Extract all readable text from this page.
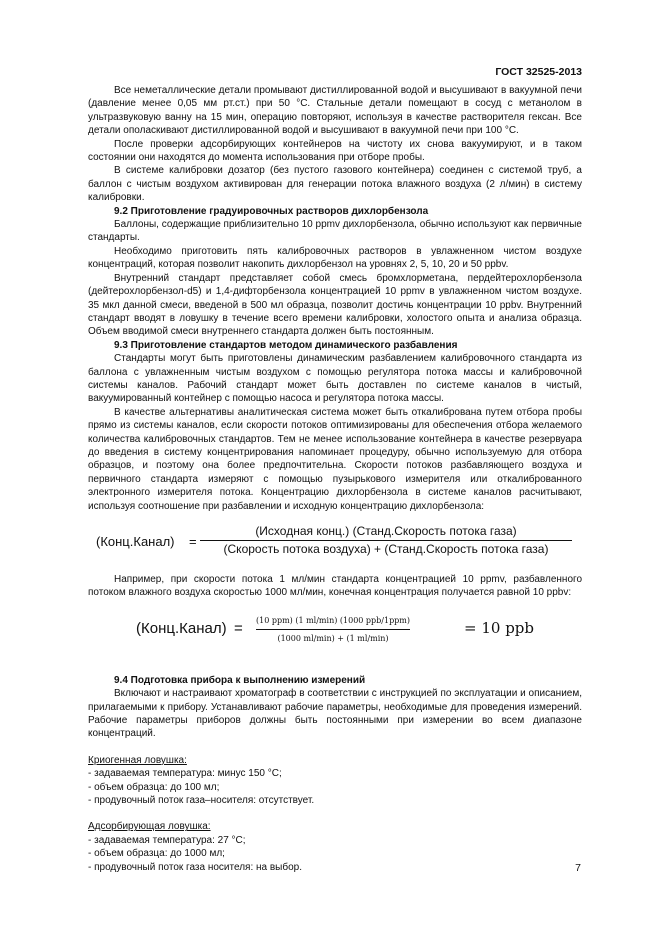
ГОСТ 32525-2013

Все неметаллические детали промывают дистиллированной водой и высушивают в вакуумной печи (давление менее 0,05 мм рт.ст.) при 50 °C. Стальные детали помещают в сосуд с метанолом в ультразвуковую ванну на 15 мин, операцию повторяют, используя в качестве растворителя гексан. Все детали ополаскивают дистиллированной водой и высушивают в вакуумной печи при 100 °C.

После проверки адсорбирующих контейнеров на чистоту их снова вакуумируют, и в таком состоянии они находятся до момента использования при отборе пробы.

В системе калибровки дозатор (без пустого газового контейнера) соединен с системой труб, а баллон с чистым воздухом активирован для генерации потока влажного воздуха (2 л/мин) в систему калибровки.

9.2 Приготовление градуировочных растворов дихлорбензола

Баллоны, содержащие приблизительно 10 ppmv дихлорбензола, обычно используют как первичные стандарты.

Необходимо приготовить пять калибровочных растворов в увлажненном чистом воздухе концентраций, которая позволит накопить дихлорбензол на уровнях 2, 5, 10, 20 и 50 ppbv.

Внутренний стандарт представляет собой смесь бромхлорметана, пердейтерохлорбензола (дейтерохлорбензол-d5) и 1,4-дифторбензола концентрацией 10 ppmv в увлажненном чистом воздухе. 35 мкл данной смеси, введеной в 500 мл образца, позволит достичь концентрации 10 ppbv. Внутренний стандарт вводят в ловушку в течение всего времени калибровки, холостого опыта и анализа образца. Объем вводимой смеси внутреннего стандарта должен быть постоянным.

9.3 Приготовление стандартов методом динамического разбавления

Стандарты могут быть приготовлены динамическим разбавлением калибровочного стандарта из баллона с увлажненным чистым воздухом с помощью регулятора потока массы и калибровочной системы каналов. Рабочий стандарт может быть доставлен по системе каналов в чистый, вакуумированный контейнер с помощью насоса и регулятора потока массы.

В качестве альтернативы аналитическая система может быть откалибрована путем отбора пробы прямо из системы каналов, если скорости потоков оптимизированы для обеспечения отбора желаемого количества калибровочных стандартов. Тем не менее использование контейнера в качестве резервуара до введения в систему концентрирования напоминает процедуру, обычно используемую для отбора образцов, и поэтому она более предпочтительна. Скорости потоков разбавляющего воздуха и первичного стандарта измеряют с помощью пузырькового измерителя или откалиброванного электронного измерителя потока. Концентрацию дихлорбензола в системе каналов расчитывают, используя соотношение при разбавлении и исходную концентрацию дихлорбензола:

(Конц.Канал) =
(Исходная конц.) (Станд.Скорость потока газа)
(Скорость потока воздуха) + (Станд.Скорость потока газа)

Например, при скорости потока 1 мл/мин стандарта концентрацией 10 ppmv, разбавленного потоком влажного воздуха скоростью 1000 мл/мин, конечная концентрация получается равной 10 ppbv:

(Конц.Канал) = (10 ppm) (1 ml/min) (1000 ppb/1ppm)
(1000 ml/min) + (1 ml/min)
= 10 ppb
9.4 Подготовка прибора к выполнению измерений

Включают и настраивают хроматограф в соответствии с инструкцией по эксплуатации и описанием, прилагаемыми к прибору. Устанавливают рабочие параметры, необходимые для проведения измерений. Рабочие параметры приборов должны быть постоянными при измерении во всем диапазоне концентраций.

Криогенная ловушка:
- задаваемая температура: минус 150 °C;
- объем образца: до 100 мл;
- продувочный поток газа–носителя: отсутствует.

Адсорбирующая ловушка:
- задаваемая температура: 27 °C;
- объем образца: до 1000 мл;
- продувочный поток газа носителя: на выбор.	7
